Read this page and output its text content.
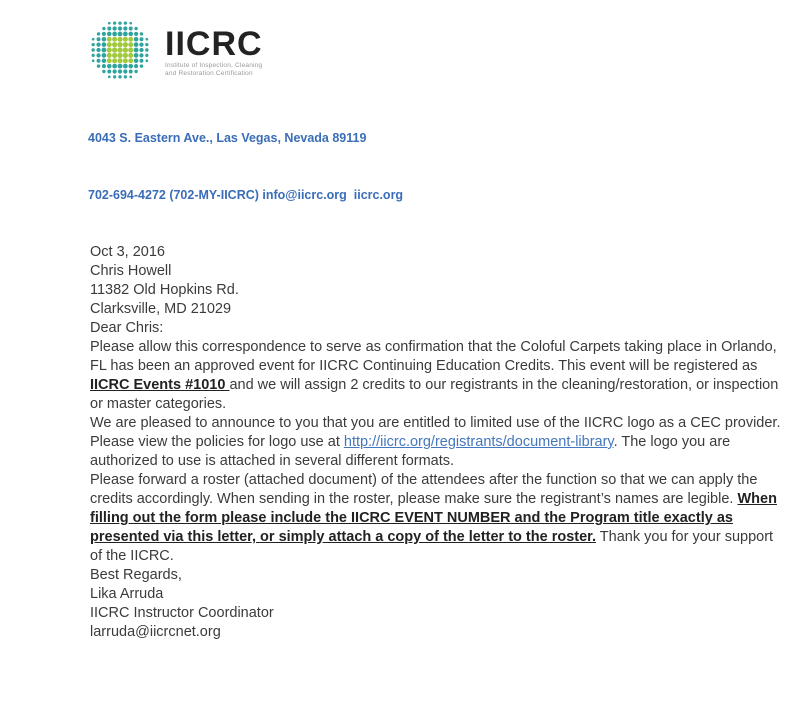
IICRC
Institute of Inspection, Cleaning
and Restoration Certification

4043 S. Eastern Ave., Las Vegas, Nevada 89119

702-694-4272 (702-MY-IICRC) info@iicrc.org  iicrc.org

Oct 3, 2016

Chris Howell
11382 Old Hopkins Rd.
Clarksville, MD 21029

Dear Chris:

Please allow this correspondence to serve as confirmation that the Coloful Carpets taking place in Orlando, FL has been an approved event for IICRC Continuing Education Credits. This event will be registered as IICRC Events #1010 and we will assign 2 credits to our registrants in the cleaning/restoration, or inspection or master categories.

We are pleased to announce to you that you are entitled to limited use of the IICRC logo as a CEC provider. Please view the policies for logo use at http://iicrc.org/registrants/document-library. The logo you are authorized to use is attached in several different formats.

Please forward a roster (attached document) of the attendees after the function so that we can apply the credits accordingly. When sending in the roster, please make sure the registrant’s names are legible. When filling out the form please include the IICRC EVENT NUMBER and the Program title exactly as presented via this letter, or simply attach a copy of the letter to the roster. Thank you for your support of the IICRC.

Best Regards,

Lika Arruda
IICRC Instructor Coordinator
larruda@iicrcnet.org
